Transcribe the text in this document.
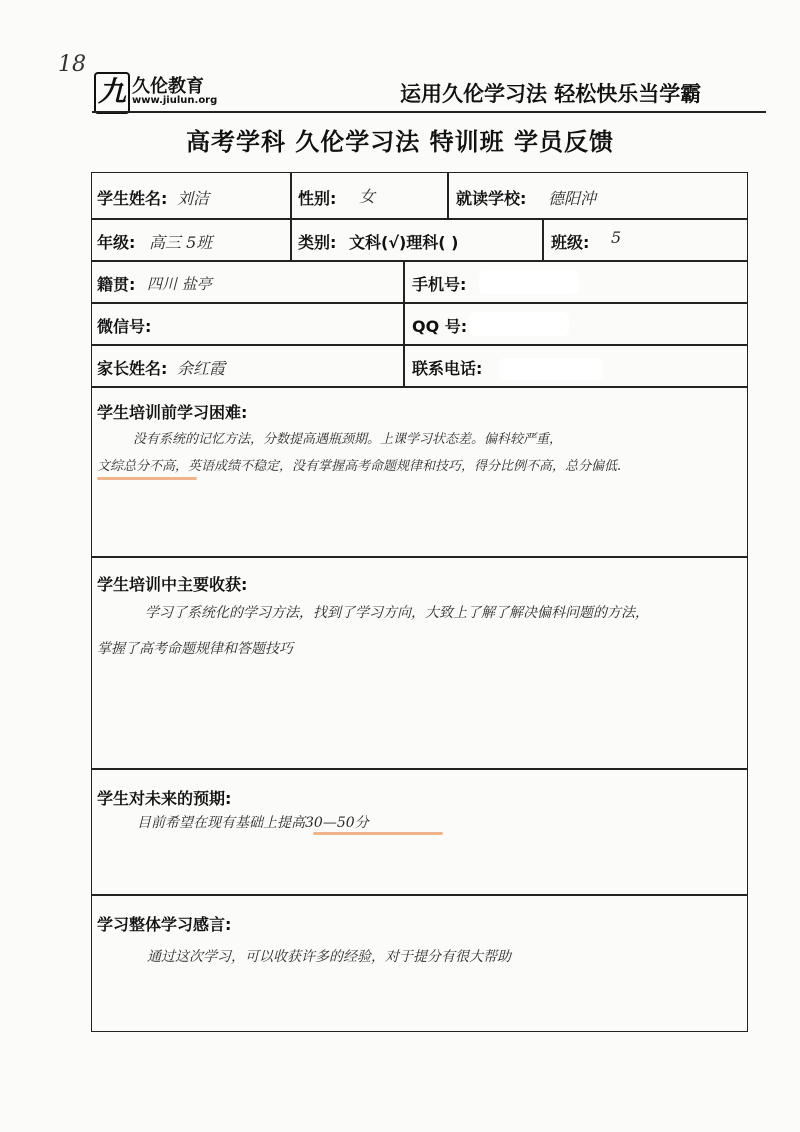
18
九 久伦教育
www.jiulun.org	运用久伦学习法 轻松快乐当学霸
高考学科 久伦学习法 特训班 学员反馈
学生姓名: 刘洁	性别: 女	就读学校: 德阳沖
年级: 高三 5班	类别: 文科(√)理科( )	班级: 5
籍贯: 四川 盐亭	手机号:
微信号:	QQ 号:
家长姓名: 余红霞	联系电话:
学生培训前学习困难:
没有系统的记忆方法，分数提高遇瓶颈期。上课学习状态差。偏科较严重，
文综总分不高，英语成绩不稳定，没有掌握高考命题规律和技巧，得分比例不高，总分偏低.
学生培训中主要收获:
学习了系统化的学习方法，找到了学习方向，大致上了解了解决偏科问题的方法，
掌握了高考命题规律和答题技巧
学生对未来的预期:
目前希望在现有基础上提高30—50分
学习整体学习感言:
通过这次学习，可以收获许多的经验，对于提分有很大帮助
